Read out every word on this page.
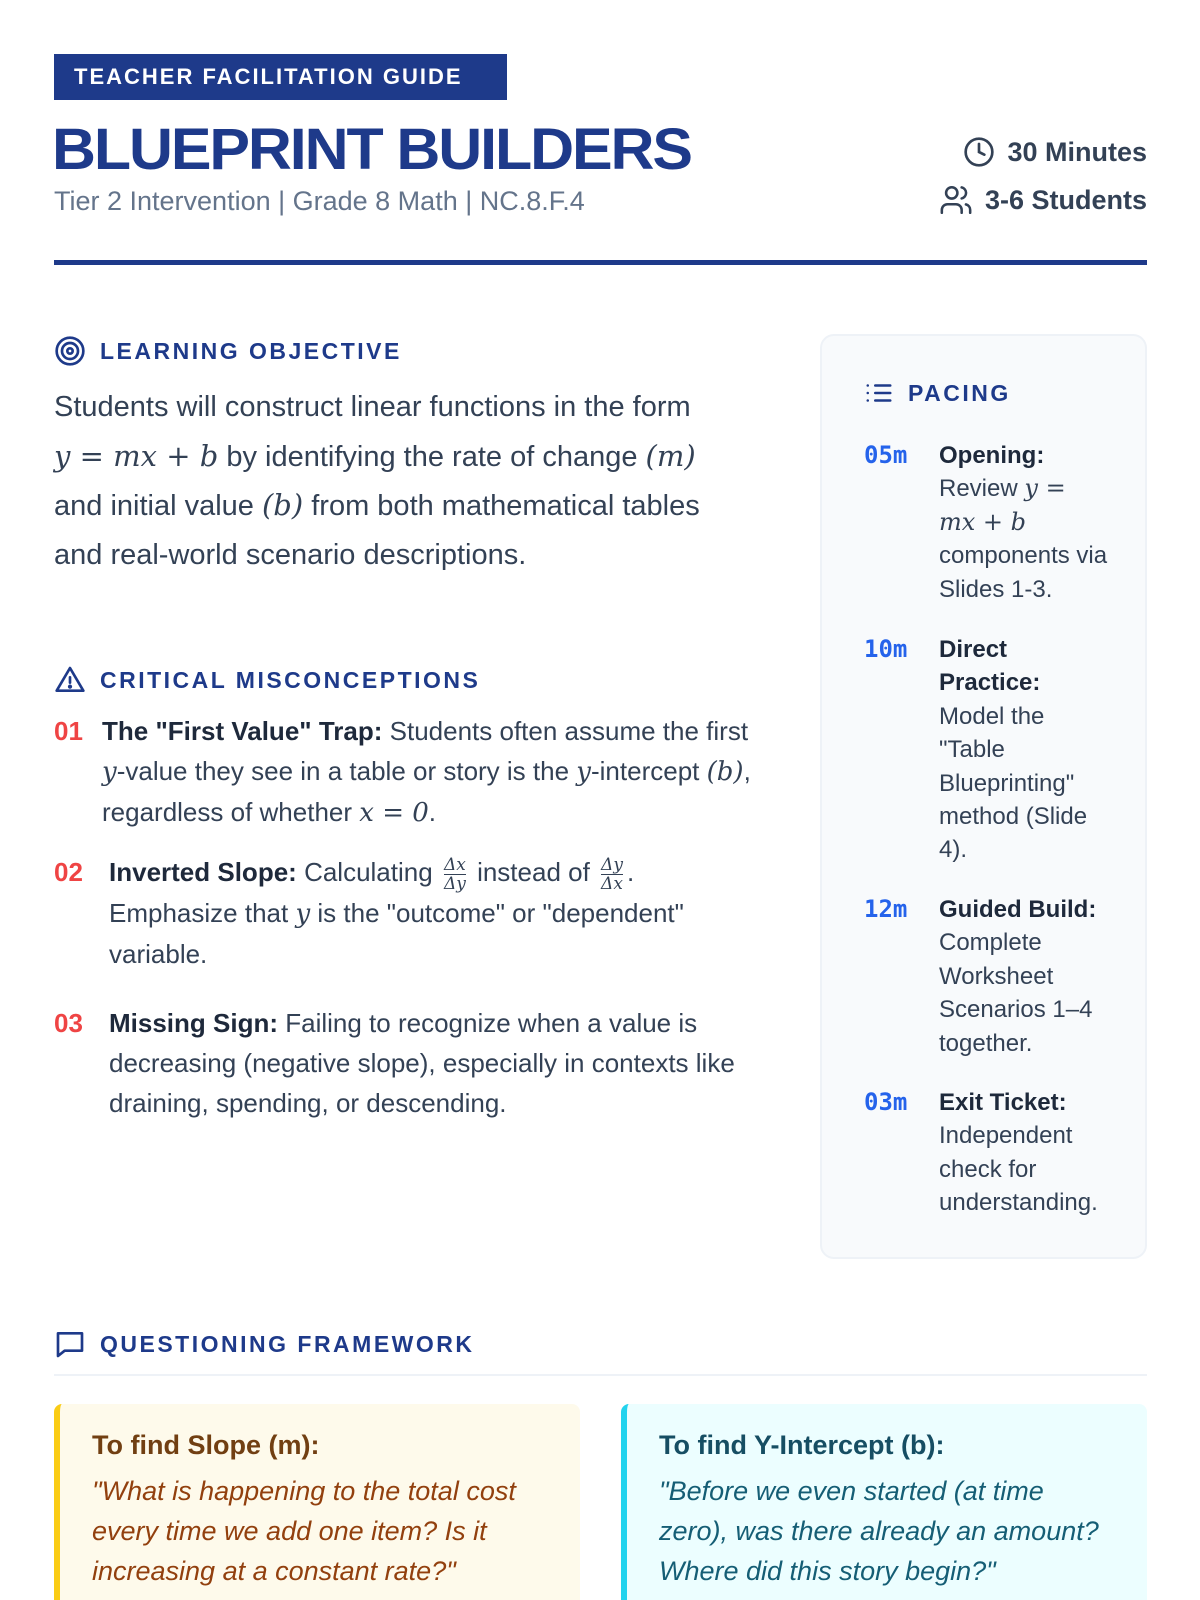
TEACHER FACILITATION GUIDE
BLUEPRINT BUILDERS
Tier 2 Intervention | Grade 8 Math | NC.8.F.4
30 Minutes
3-6 Students
LEARNING OBJECTIVE
Students will construct linear functions in the form y = mx + b by identifying the rate of change (m) and initial value (b) from both mathematical tables and real-world scenario descriptions.
CRITICAL MISCONCEPTIONS
01 The "First Value" Trap: Students often assume the first y-value they see in a table or story is the y-intercept (b), regardless of whether x = 0.
02	Inverted Slope: Calculating $\frac{\Delta x}{\Delta y}$ instead of $\frac{\Delta y}{\Delta x}$ . Emphasize that y is the "outcome" or "dependent" variable.
03	Missing Sign: Failing to recognize when a value is decreasing (negative slope), especially in contexts like draining, spending, or descending.
PACING
05m	Opening: Review y = mx + b components via Slides 1-3.
10m	Direct Practice: Model the "Table Blueprinting" method (Slide 4).
12m	Guided Build: Complete Worksheet Scenarios 1–4 together.
03m	Exit Ticket: Independent check for understanding.
QUESTIONING FRAMEWORK
To find Slope (m):

"What is happening to the total cost every time we add one item? Is it increasing at a constant rate?"

To find Y-Intercept (b):

"Before we even started (at time zero), was there already an amount? Where did this story begin?"
